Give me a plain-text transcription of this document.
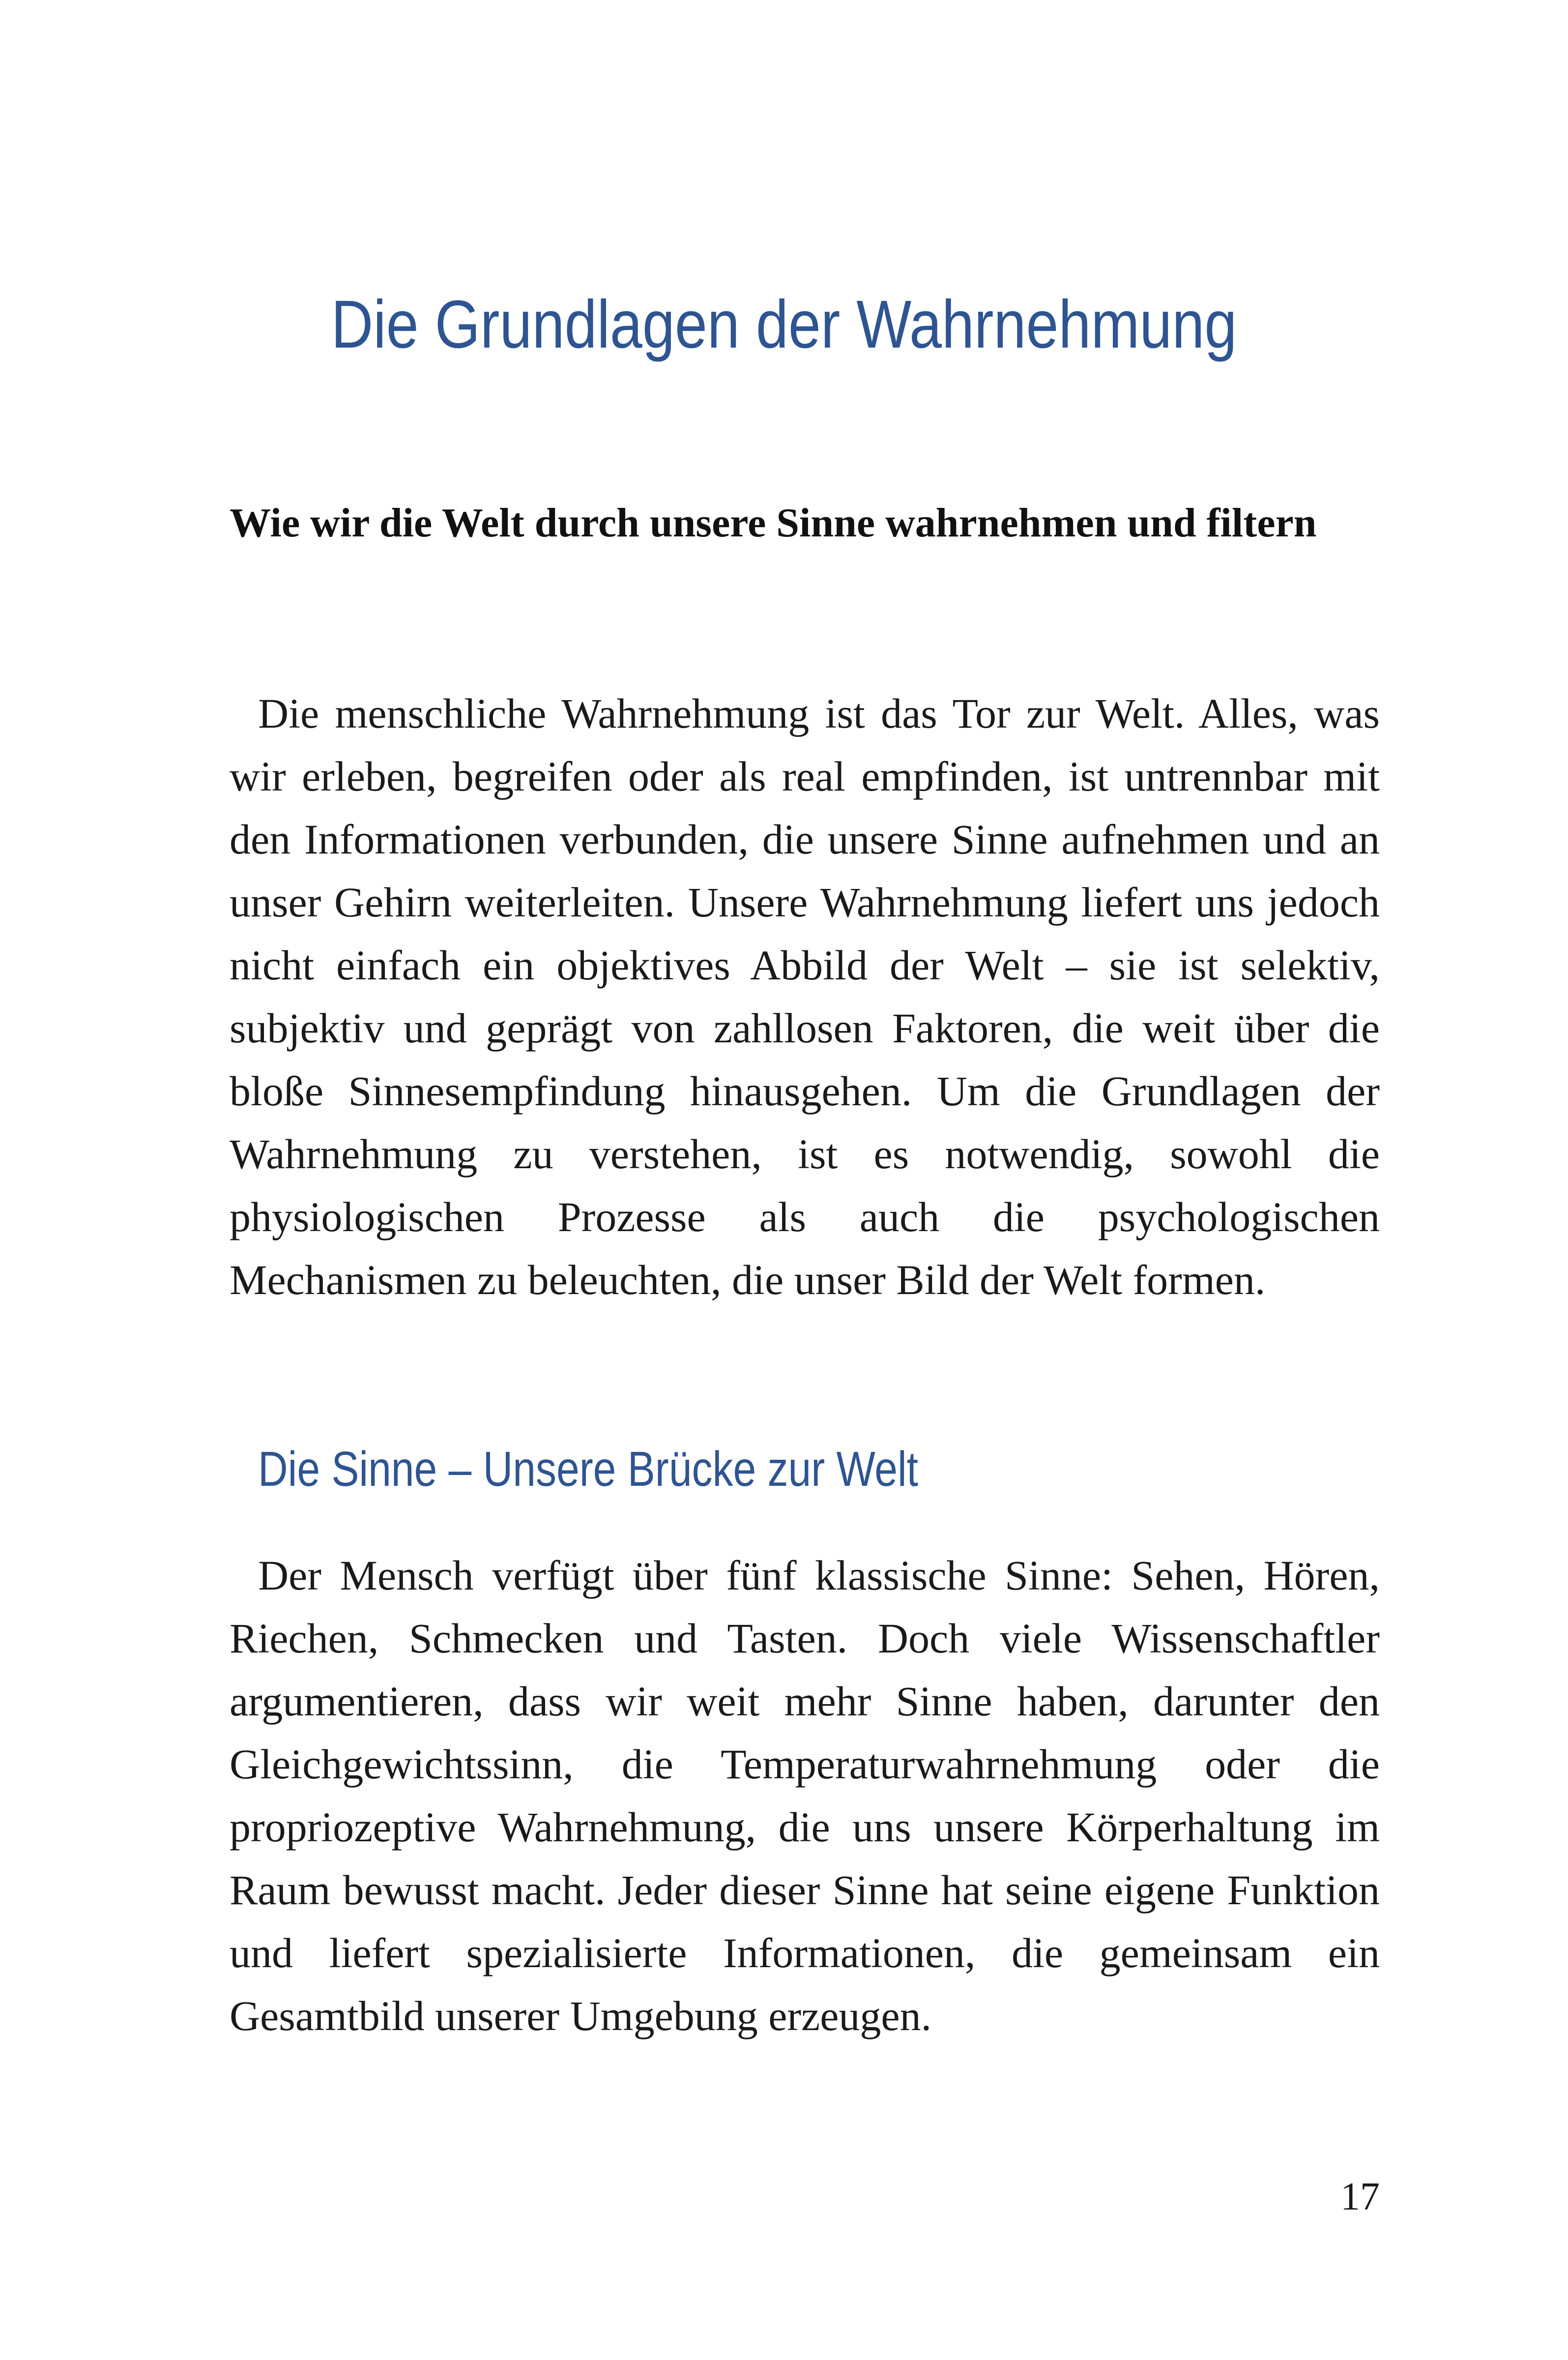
Die Grundlagen der Wahrnehmung
Wie wir die Welt durch unsere Sinne wahrnehmen und filtern

Die menschliche Wahrnehmung ist das Tor zur Welt. Alles, was wir erleben, begreifen oder als real empfinden, ist untrennbar mit den Informationen verbunden, die unsere Sinne aufnehmen und an unser Gehirn weiterleiten. Unsere Wahrnehmung liefert uns jedoch nicht einfach ein objektives Abbild der Welt – sie ist selektiv, subjektiv und geprägt von zahllosen Faktoren, die weit über die bloße Sinnesempfindung hinausgehen. Um die Grundlagen der Wahrnehmung zu verstehen, ist es notwendig, sowohl die physiologischen Prozesse als auch die psychologischen Mechanismen zu beleuchten, die unser Bild der Welt formen.

Die Sinne – Unsere Brücke zur Welt

Der Mensch verfügt über fünf klassische Sinne: Sehen, Hören, Riechen, Schmecken und Tasten. Doch viele Wissenschaftler argumentieren, dass wir weit mehr Sinne haben, darunter den Gleichgewichtssinn, die Temperaturwahrnehmung oder die propriozeptive Wahrnehmung, die uns unsere Körperhaltung im Raum bewusst macht. Jeder dieser Sinne hat seine eigene Funktion und liefert spezialisierte Informationen, die gemeinsam ein Gesamtbild unserer Umgebung erzeugen.

17
